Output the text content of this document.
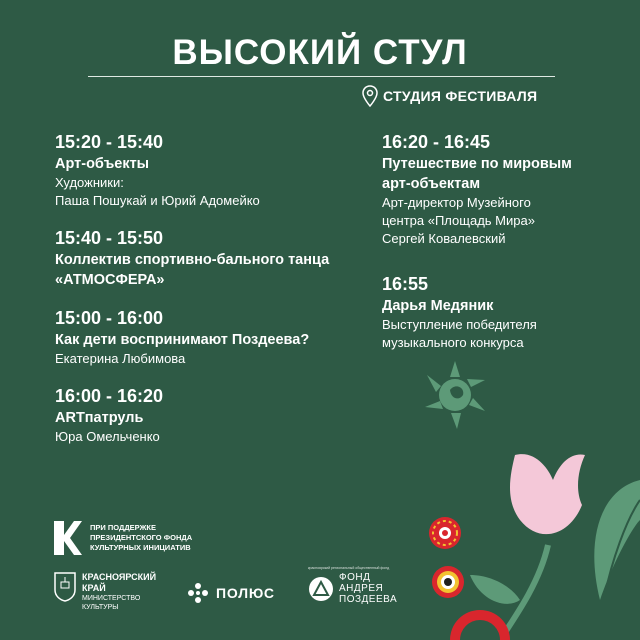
ВЫСОКИЙ СТУЛ
СТУДИЯ ФЕСТИВАЛЯ
15:20 - 15:40
Арт-объекты
Художники:
Паша Пошукай и Юрий Адомейко
15:40 - 15:50
Коллектив спортивно-бального танца
«АТМОСФЕРА»
15:00 - 16:00
Как дети воспринимают Поздеева?
Екатерина Любимова
16:00 - 16:20
ARTпатруль
Юра Омельченко
16:20 - 16:45
Путешествие по мировым
арт-объектам
Арт-директор Музейного
центра «Площадь Мира»
Сергей Ковалевский
16:55
Дарья Медяник
Выступление победителя
музыкального конкурса
ПРИ ПОДДЕРЖКЕ
ПРЕЗИДЕНТСКОГО ФОНДА
КУЛЬТУРНЫХ ИНИЦИАТИВ
КРАСНОЯРСКИЙ
КРАЙ
МИНИСТЕРСТВО
КУЛЬТУРЫ
ПОЛЮС
красноярский региональный общественный фонд
ФОНД
АНДРЕЯ
ПОЗДЕЕВА
